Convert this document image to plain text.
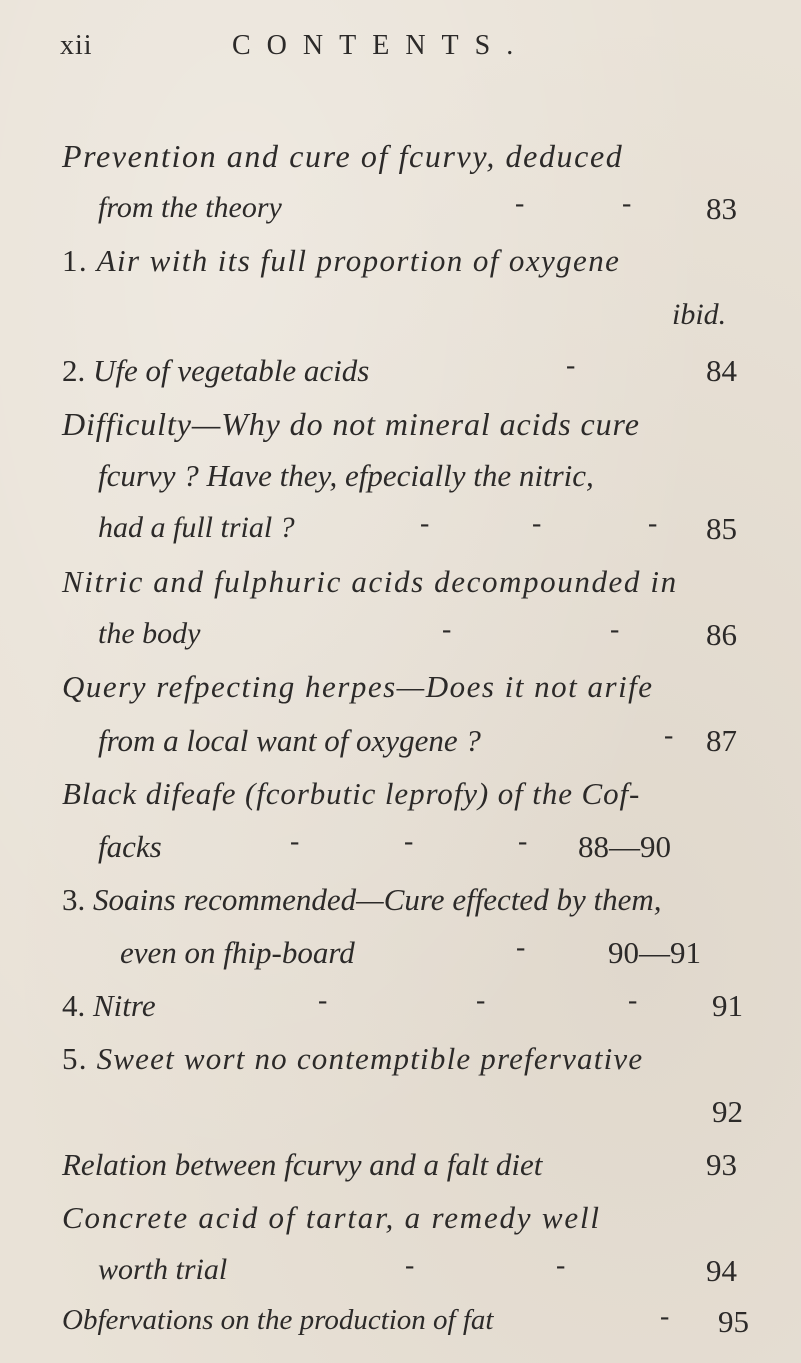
xii	CONTENTS.
Prevention and cure of fcurvy, deduced
from the theory	-	- 83
1. Air with its full proportion of oxygene
ibid.
2. Ufe of vegetable acids	-	84
Difficulty—Why do not mineral acids cure
fcurvy ? Have they, efpecially the nitric,
had a full trial ?	-	-	- 85
Nitric and fulphuric acids decompounded in
the body	-	-	86
Query refpecting herpes—Does it not arife
from a local want of oxygene ?	- 87
Black difeafe (fcorbutic leprofy) of the Cof-
facks	-	-	- 88—90
3. Soains recommended—Cure effected by them,
even on fhip-board	-	90—91
4. Nitre	-	-	- 91
5. Sweet wort no contemptible prefervative
92
Relation between fcurvy and a falt diet	93
Concrete acid of tartar, a remedy well
worth trial	-	-	94
Obfervations on the production of fat	- 95
